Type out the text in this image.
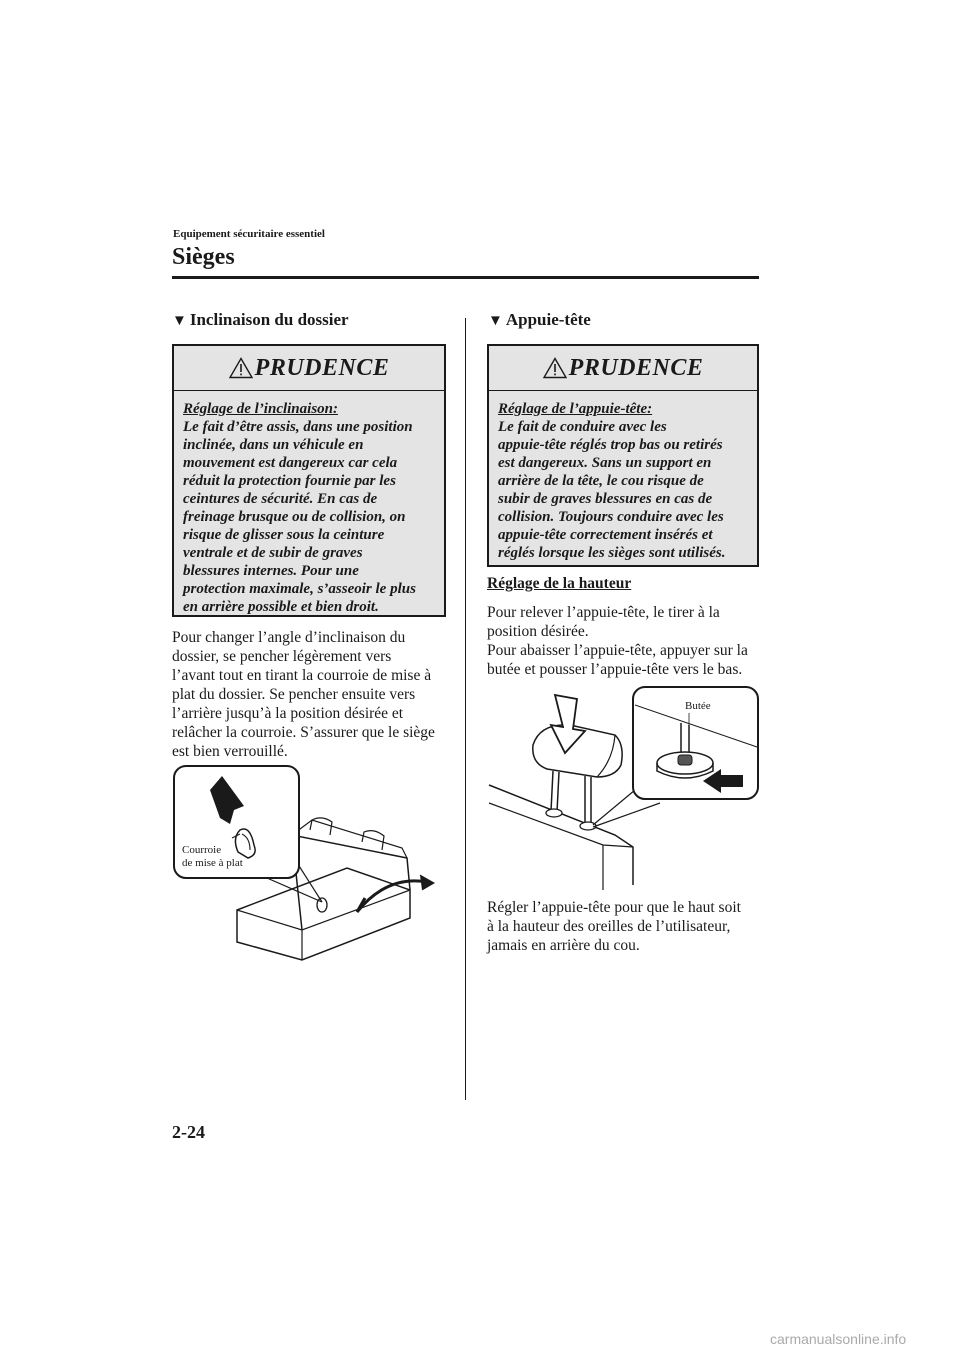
Equipement sécuritaire essentiel
Sièges
▼ Inclinaison du dossier
PRUDENCE
Réglage de l’inclinaison:
Le fait d’être assis, dans une position
inclinée, dans un véhicule en
mouvement est dangereux car cela
réduit la protection fournie par les
ceintures de sécurité. En cas de
freinage brusque ou de collision, on
risque de glisser sous la ceinture
ventrale et de subir de graves
blessures internes. Pour une
protection maximale, s’asseoir le plus
en arrière possible et bien droit.
Pour changer l’angle d’inclinaison du
dossier, se pencher légèrement vers
l’avant tout en tirant la courroie de mise à
plat du dossier. Se pencher ensuite vers
l’arrière jusqu’à la position désirée et
relâcher la courroie. S’assurer que le siège
est bien verrouillé.
Courroie
de mise à plat
▼ Appuie-tête
PRUDENCE
Réglage de l’appuie-tête:
Le fait de conduire avec les
appuie-tête réglés trop bas ou retirés
est dangereux. Sans un support en
arrière de la tête, le cou risque de
subir de graves blessures en cas de
collision. Toujours conduire avec les
appuie-tête correctement insérés et
réglés lorsque les sièges sont utilisés.
Réglage de la hauteur
Pour relever l’appuie-tête, le tirer à la
position désirée.
Pour abaisser l’appuie-tête, appuyer sur la
butée et pousser l’appuie-tête vers le bas.
Butée
Régler l’appuie-tête pour que le haut soit
à la hauteur des oreilles de l’utilisateur,
jamais en arrière du cou.
2-24
carmanualsonline.info
